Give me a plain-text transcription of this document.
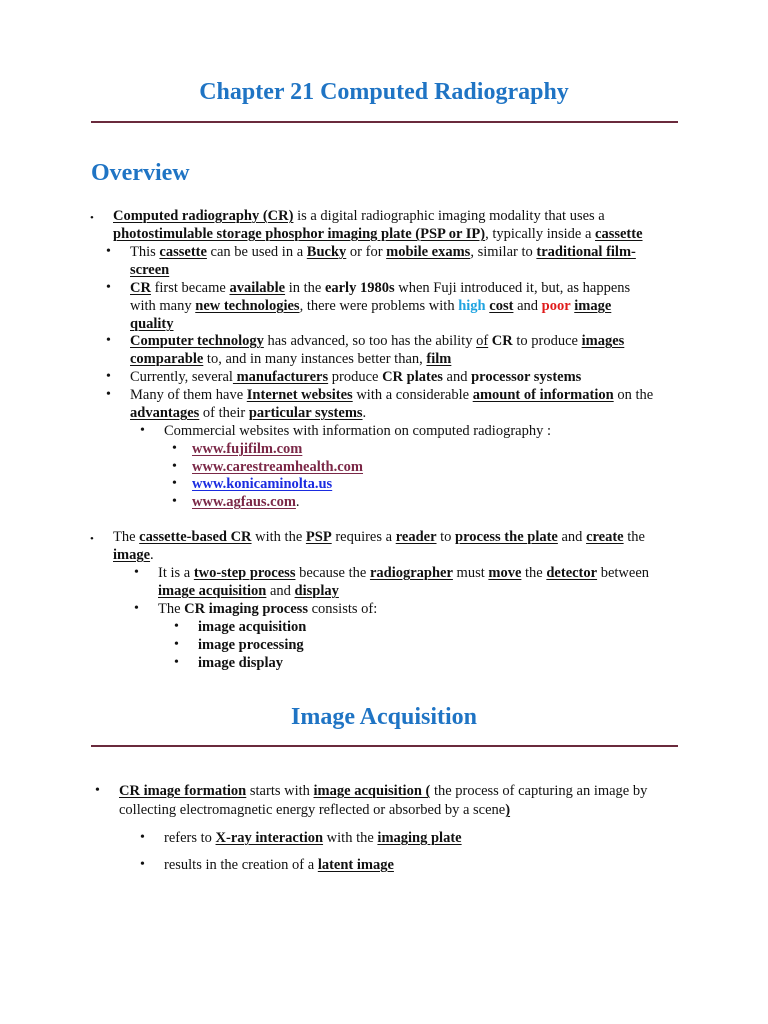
Chapter 21 Computed Radiography
Overview
• Computed radiography (CR) is a digital radiographic imaging modality that uses a
photostimulable storage phosphor imaging plate (PSP or IP), typically inside a cassette
• This cassette can be used in a Bucky or for mobile exams, similar to traditional film-
screen
• CR first became available in the early 1980s when Fuji introduced it, but, as happens
with many new technologies, there were problems with high cost and poor image
quality
• Computer technology has advanced, so too has the ability of CR to produce images
comparable to, and in many instances better than, film
• Currently, several manufacturers produce CR plates and processor systems
• Many of them have Internet websites with a considerable amount of information on the
advantages of their particular systems.
• Commercial websites with information on computed radiography :
• www.fujifilm.com
• www.carestreamhealth.com
• www.konicaminolta.us
• www.agfaus.com.
• The cassette-based CR with the PSP requires a reader to process the plate and create the
image.
• It is a two-step process because the radiographer must move the detector between
image acquisition and display
• The CR imaging process consists of:
• image acquisition
• image processing
• image display
Image Acquisition
• CR image formation starts with image acquisition ( the process of capturing an image by
collecting electromagnetic energy reflected or absorbed by a scene)
• refers to X-ray interaction with the imaging plate
• results in the creation of a latent image
